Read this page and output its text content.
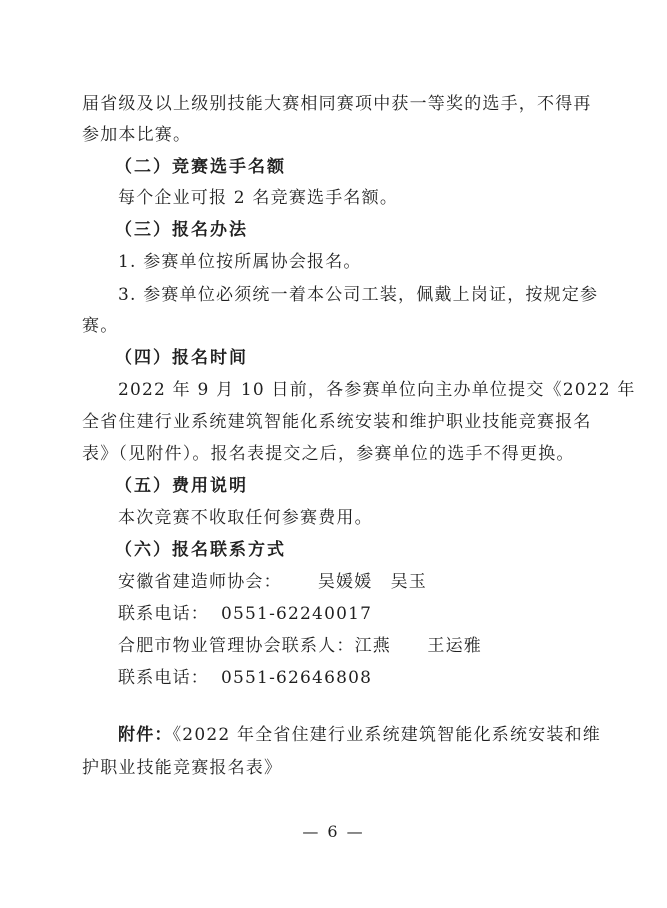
届省级及以上级别技能大赛相同赛项中获一等奖的选手，不得再
参加本比赛。
（二）竞赛选手名额
每个企业可报 2 名竞赛选手名额。
（三）报名办法
1. 参赛单位按所属协会报名。
3. 参赛单位必须统一着本公司工装，佩戴上岗证，按规定参
赛。
（四）报名时间
2022 年 9 月 10 日前，各参赛单位向主办单位提交《2022 年
全省住建行业系统建筑智能化系统安装和维护职业技能竞赛报名
表》（见附件）。报名表提交之后，参赛单位的选手不得更换。
（五）费用说明
本次竞赛不收取任何参赛费用。
（六）报名联系方式
安徽省建造师协会： 吴媛媛　吴玉
联系电话： 0551-62240017
合肥市物业管理协会联系人：江燕　　王运雅
联系电话： 0551-62646808
附件：《2022 年全省住建行业系统建筑智能化系统安装和维
护职业技能竞赛报名表》
— 6 —
